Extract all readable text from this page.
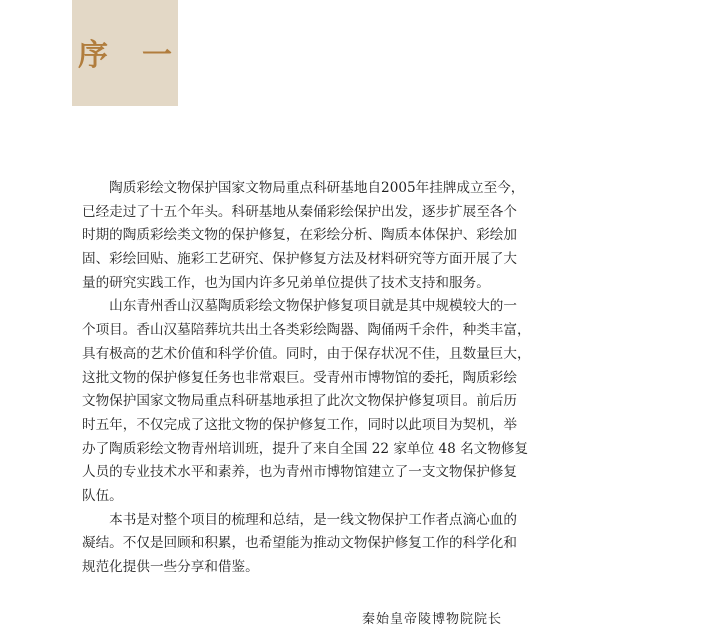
序　一
　　陶质彩绘文物保护国家文物局重点科研基地自2005年挂牌成立至今，
已经走过了十五个年头。科研基地从秦俑彩绘保护出发，逐步扩展至各个
时期的陶质彩绘类文物的保护修复，在彩绘分析、陶质本体保护、彩绘加
固、彩绘回贴、施彩工艺研究、保护修复方法及材料研究等方面开展了大
量的研究实践工作，也为国内许多兄弟单位提供了技术支持和服务。
　　山东青州香山汉墓陶质彩绘文物保护修复项目就是其中规模较大的一
个项目。香山汉墓陪葬坑共出土各类彩绘陶器、陶俑两千余件，种类丰富，
具有极高的艺术价值和科学价值。同时，由于保存状况不佳，且数量巨大，
这批文物的保护修复任务也非常艰巨。受青州市博物馆的委托，陶质彩绘
文物保护国家文物局重点科研基地承担了此次文物保护修复项目。前后历
时五年，不仅完成了这批文物的保护修复工作，同时以此项目为契机，举
办了陶质彩绘文物青州培训班，提升了来自全国 22 家单位 48 名文物修复
人员的专业技术水平和素养，也为青州市博物馆建立了一支文物保护修复
队伍。
　　本书是对整个项目的梳理和总结，是一线文物保护工作者点滴心血的
凝结。不仅是回顾和积累，也希望能为推动文物保护修复工作的科学化和
规范化提供一些分享和借鉴。
秦始皇帝陵博物院院长
